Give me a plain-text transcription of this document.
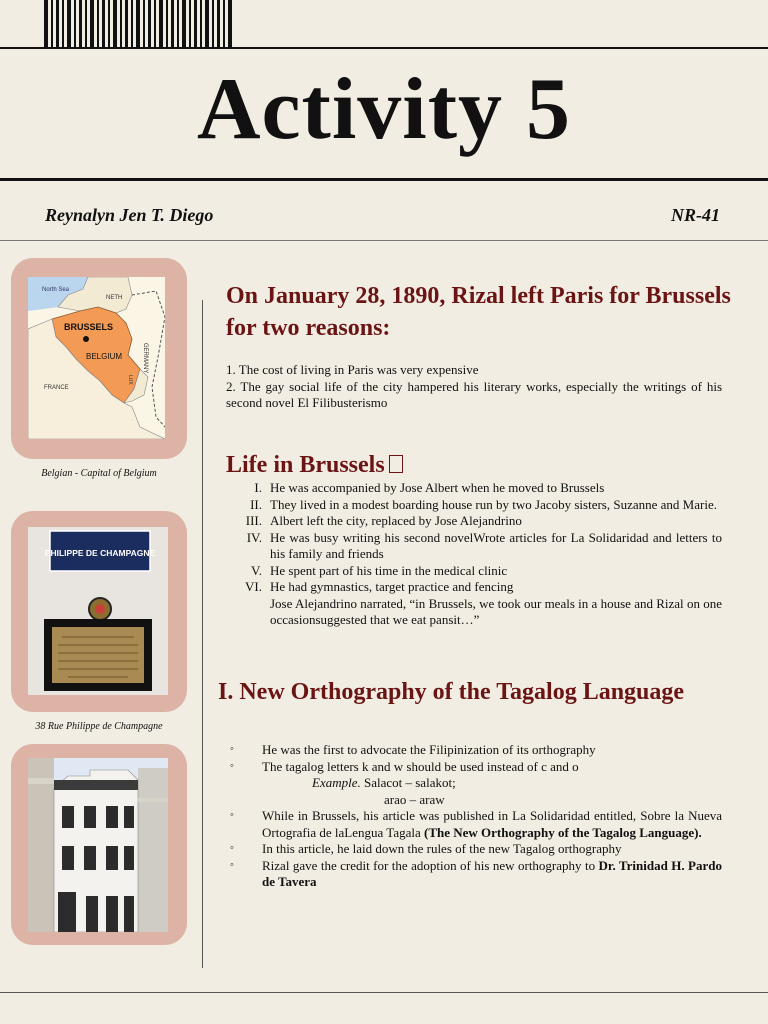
Activity 5
Reynalyn Jen T. Diego	NR-41
North Sea
NETH
BRUSSELS
BELGIUM
FRANCE
GERMANY
LUX
Belgian - Capital of Belgium
PHILIPPE DE CHAMPAGNE
38 Rue Philippe de Champagne
On January 28, 1890, Rizal left Paris for Brussels for two reasons:
1. The cost of living in Paris was very expensive
2. The gay social life of the city hampered his literary works, especially the writings of his second novel El Filibusterismo
Life in Brussels
I. He was accompanied by Jose Albert when he moved to Brussels
II. They lived in a modest boarding house run by two Jacoby sisters, Suzanne and Marie.
III. Albert left the city, replaced by Jose Alejandrino
IV. He was busy writing his second novelWrote articles for La Solidaridad and letters to his family and friends
V. He spent part of his time in the medical clinic
VI. He had gymnastics, target practice and fencing
Jose Alejandrino narrated, “in Brussels, we took our meals in a house and Rizal on one occasionsuggested that we eat pansit…”
I. New Orthography of the Tagalog Language
◦ He was the first to advocate the Filipinization of its orthography
◦ The tagalog letters k and w should be used instead of c and o
Example. Salacot – salakot;
arao – araw
◦ While in Brussels, his article was published in La Solidaridad entitled, Sobre la Nueva Ortografia de laLengua Tagala (The New Orthography of the Tagalog Language).
◦ In this article, he laid down the rules of the new Tagalog orthography
◦ Rizal gave the credit for the adoption of his new orthography to Dr. Trinidad H. Pardo de Tavera
